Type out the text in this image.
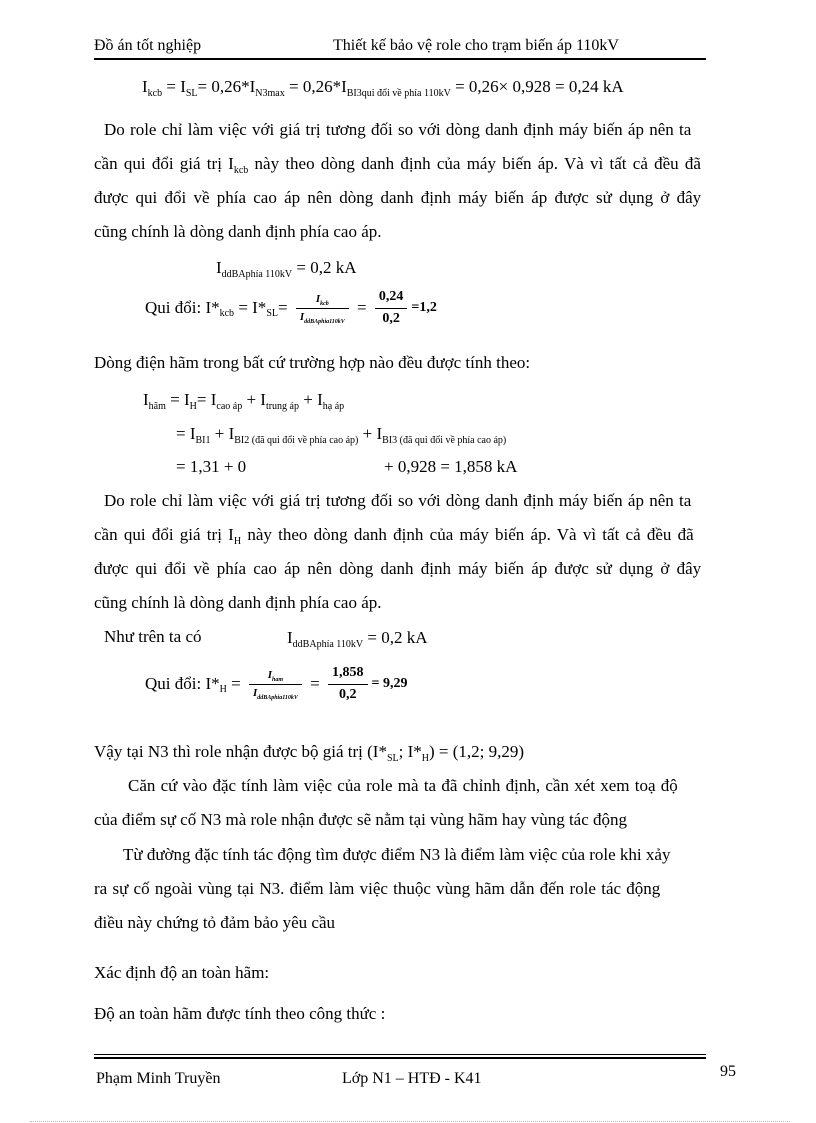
Đồ án tốt nghiệp	Thiết kế bảo vệ role cho trạm biến áp 110kV
$I_{kcb} = I_{SL}= 0,26*I_{N3max} = 0,26*I_{BI3qui đổi về phía 110kV} = 0,26\times 0,928 = 0,24$ kA
Do role chỉ làm việc với giá trị tương đối so với dòng danh định máy biến áp nên ta
cần qui đổi giá trị $I_{kcb}$ này theo dòng danh định của máy biến áp. Và vì tất cả đều đã
được qui đổi về phía cao áp nên dòng danh định máy biến áp được sử dụng ở đây
cũng chính là dòng danh định phía cao áp.
$I_{ddBAphía 110kV} = 0,2$ kA
Qui đổi: $I*_{kcb} = I*_{SL}= \frac{I_{kcb}}{I_{ddBAphia110kV}} = \frac{0,24}{0,2} =1,2$
Dòng điện hãm trong bất cứ trường hợp nào đều được tính theo:
$I_{hãm} = I_H= I_{cao áp} + I_{trung áp} + I_{hạ áp}$
= $I_{BI1} + I_{BI2 (đã qui đổi về phía cao áp)} + I_{BI3 (đã qui đổi về phía cao áp)}$
= 1,31 + 0	+ 0,928 = 1,858 kA
Do role chỉ làm việc với giá trị tương đối so với dòng danh định máy biến áp nên ta
cần qui đổi giá trị $I_H$ này theo dòng danh định của máy biến áp. Và vì tất cả đều đã
được qui đổi về phía cao áp nên dòng danh định máy biến áp được sử dụng ở đây
cũng chính là dòng danh định phía cao áp.
Như trên ta có	$I_{ddBAphía 110kV} = 0,2$ kA
Qui đổi: $I*_H = \frac{I_{ham}}{I_{ddBAphia110kV}} = \frac{1,858}{0,2} = 9,29$
Vậy tại N3 thì role nhận được bộ giá trị ($I*_{SL}$; $I*_H) = (1,2$; 9,29)
Căn cứ vào đặc tính làm việc của role mà ta đã chỉnh định, cần xét xem toạ độ
của điểm sự cố N3 mà role nhận được sẽ nằm tại vùng hãm hay vùng tác động
Từ đường đặc tính tác động tìm được điểm N3 là điểm làm việc của role khi xảy
ra sự cố ngoài vùng tại N3. điểm làm việc thuộc vùng hãm dẫn đến role tác động
điều này chứng tỏ đảm bảo yêu cầu
Xác định độ an toàn hãm:
Độ an toàn hãm được tính theo công thức :
Phạm Minh Truyền	Lớp N1 – HTĐ - K41	95
